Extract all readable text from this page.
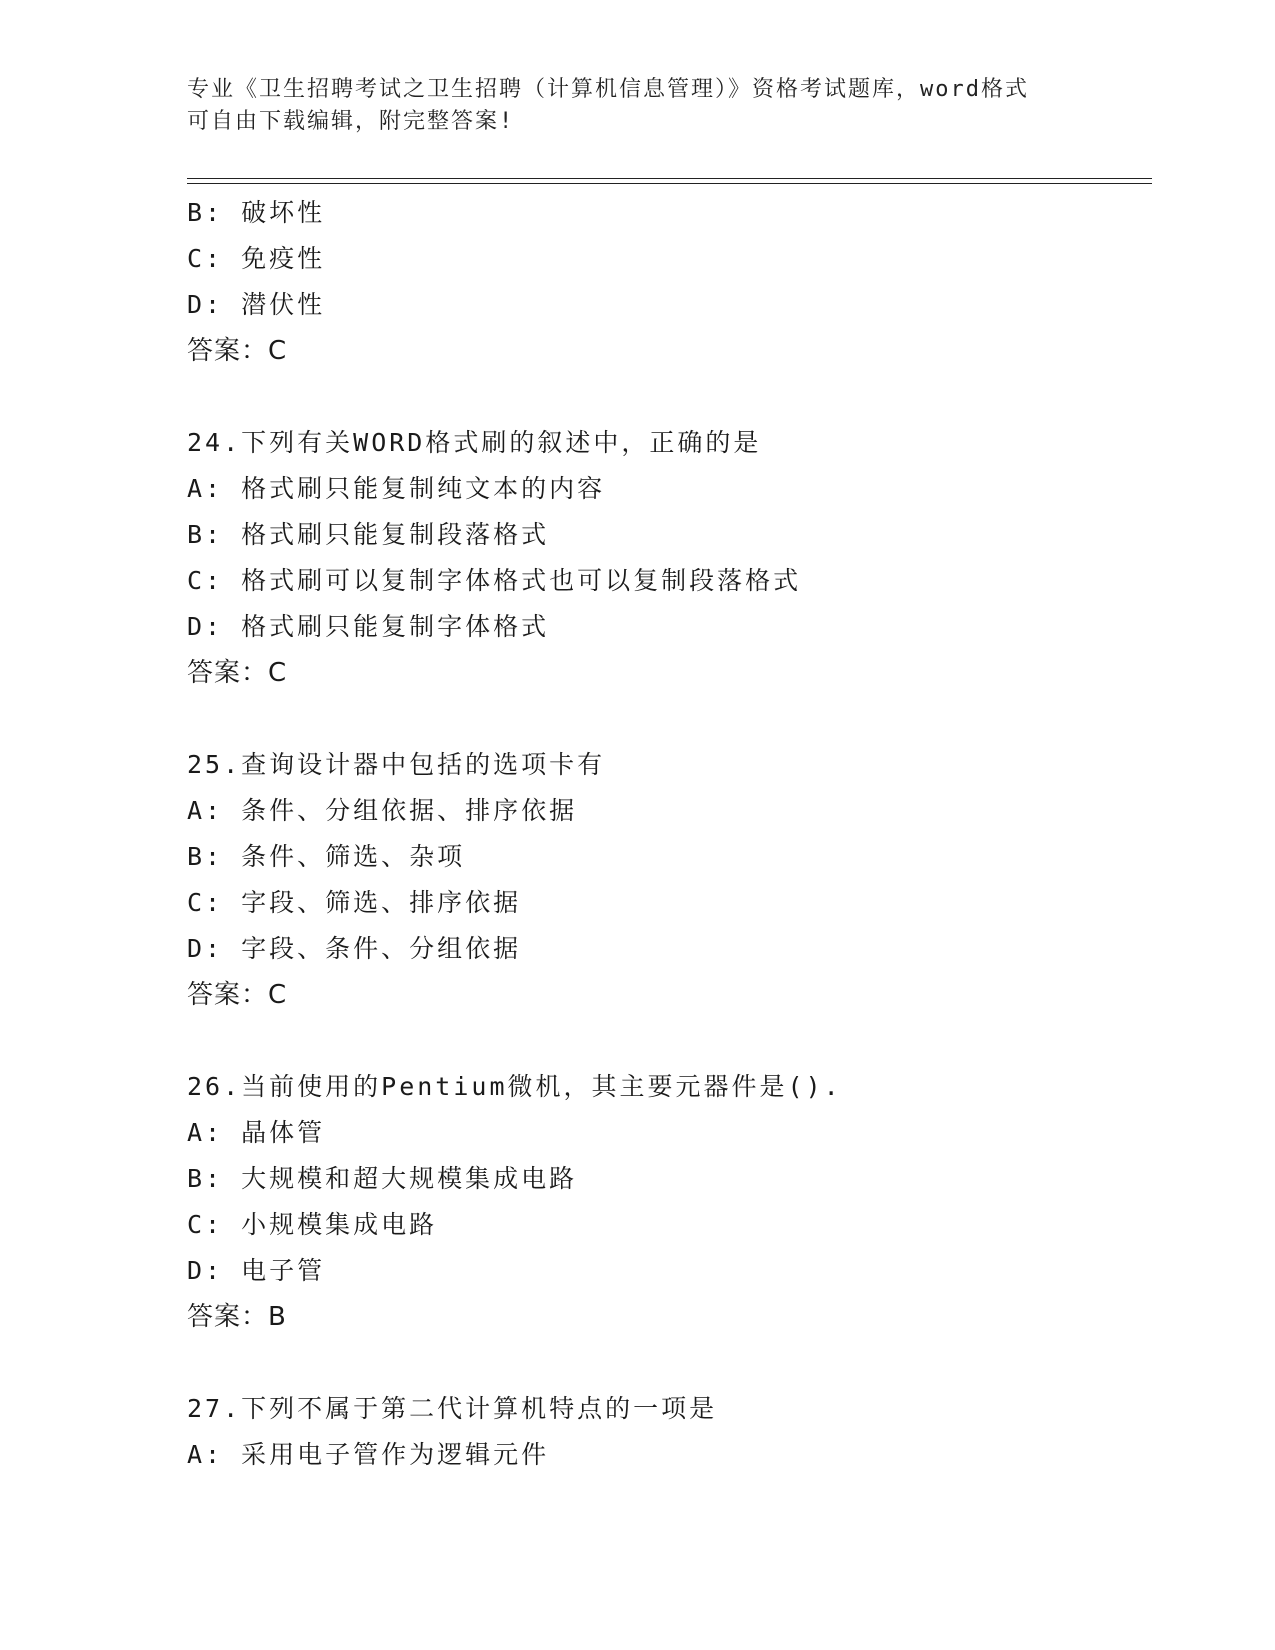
专业《卫生招聘考试之卫生招聘（计算机信息管理）》资格考试题库，word格式
可自由下载编辑，附完整答案!
B: 破坏性
C: 免疫性
D: 潜伏性
答案：C
24.下列有关WORD格式刷的叙述中，正确的是
A: 格式刷只能复制纯文本的内容
B: 格式刷只能复制段落格式
C: 格式刷可以复制字体格式也可以复制段落格式
D: 格式刷只能复制字体格式
答案：C
25.查询设计器中包括的选项卡有
A: 条件、分组依据、排序依据
B: 条件、筛选、杂项
C: 字段、筛选、排序依据
D: 字段、条件、分组依据
答案：C
26.当前使用的Pentium微机，其主要元器件是().
A: 晶体管
B: 大规模和超大规模集成电路
C: 小规模集成电路
D: 电子管
答案：B
27.下列不属于第二代计算机特点的一项是
A: 采用电子管作为逻辑元件
